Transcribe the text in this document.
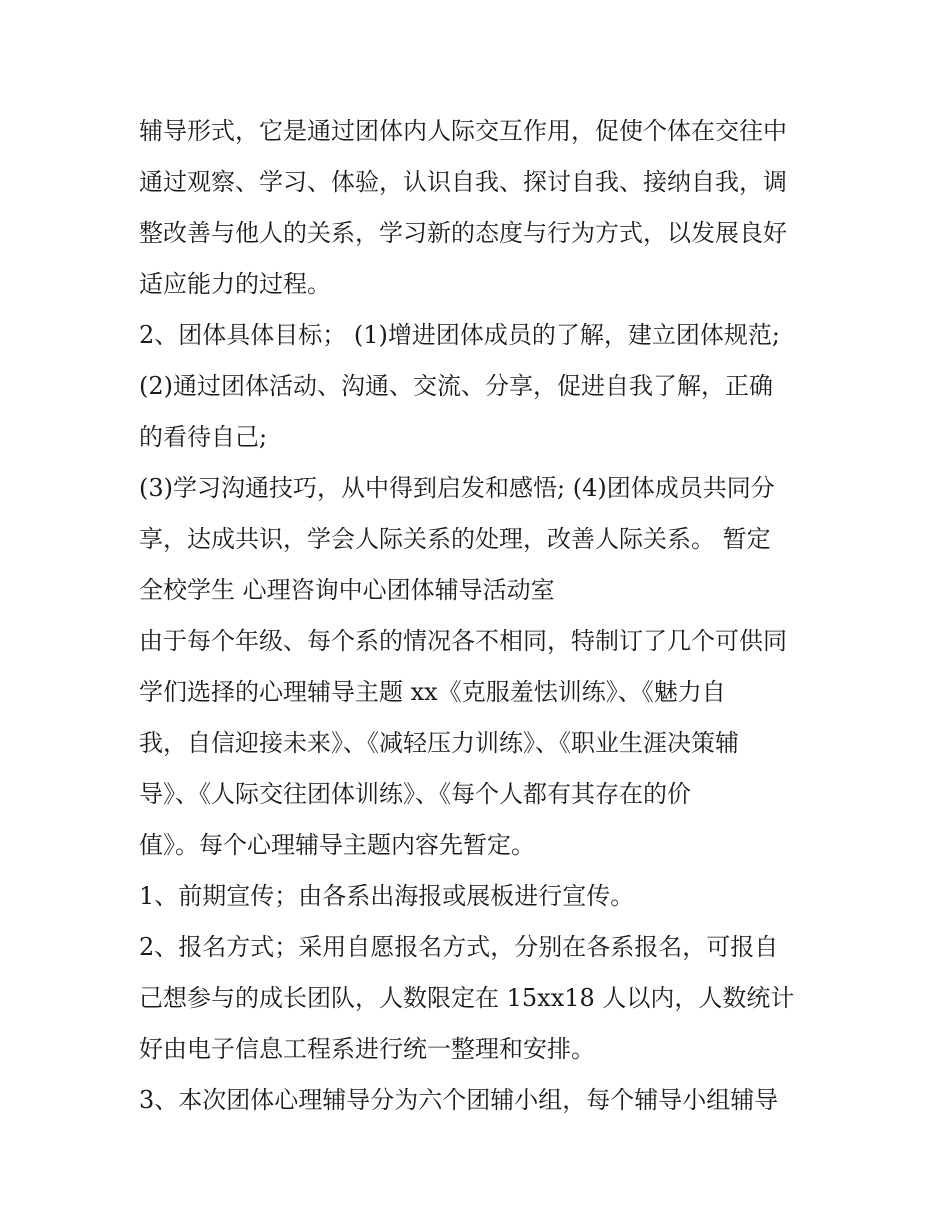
辅导形式，它是通过团体内人际交互作用，促使个体在交往中
通过观察、学习、体验，认识自我、探讨自我、接纳自我，调
整改善与他人的关系，学习新的态度与行为方式，以发展良好
适应能力的过程。
2、团体具体目标； (1)增进团体成员的了解，建立团体规范;
(2)通过团体活动、沟通、交流、分享，促进自我了解，正确
的看待自己;
(3)学习沟通技巧，从中得到启发和感悟; (4)团体成员共同分
享，达成共识，学会人际关系的处理，改善人际关系。 暂定
全校学生 心理咨询中心团体辅导活动室
由于每个年级、每个系的情况各不相同，特制订了几个可供同
学们选择的心理辅导主题 xx《克服羞怯训练》、《魅力自
我，自信迎接未来》、《减轻压力训练》、《职业生涯决策辅
导》、《人际交往团体训练》、《每个人都有其存在的价
值》。每个心理辅导主题内容先暂定。
1、前期宣传；由各系出海报或展板进行宣传。
2、报名方式；采用自愿报名方式，分别在各系报名，可报自
己想参与的成长团队，人数限定在 15xx18 人以内，人数统计
好由电子信息工程系进行统一整理和安排。
3、本次团体心理辅导分为六个团辅小组，每个辅导小组辅导
